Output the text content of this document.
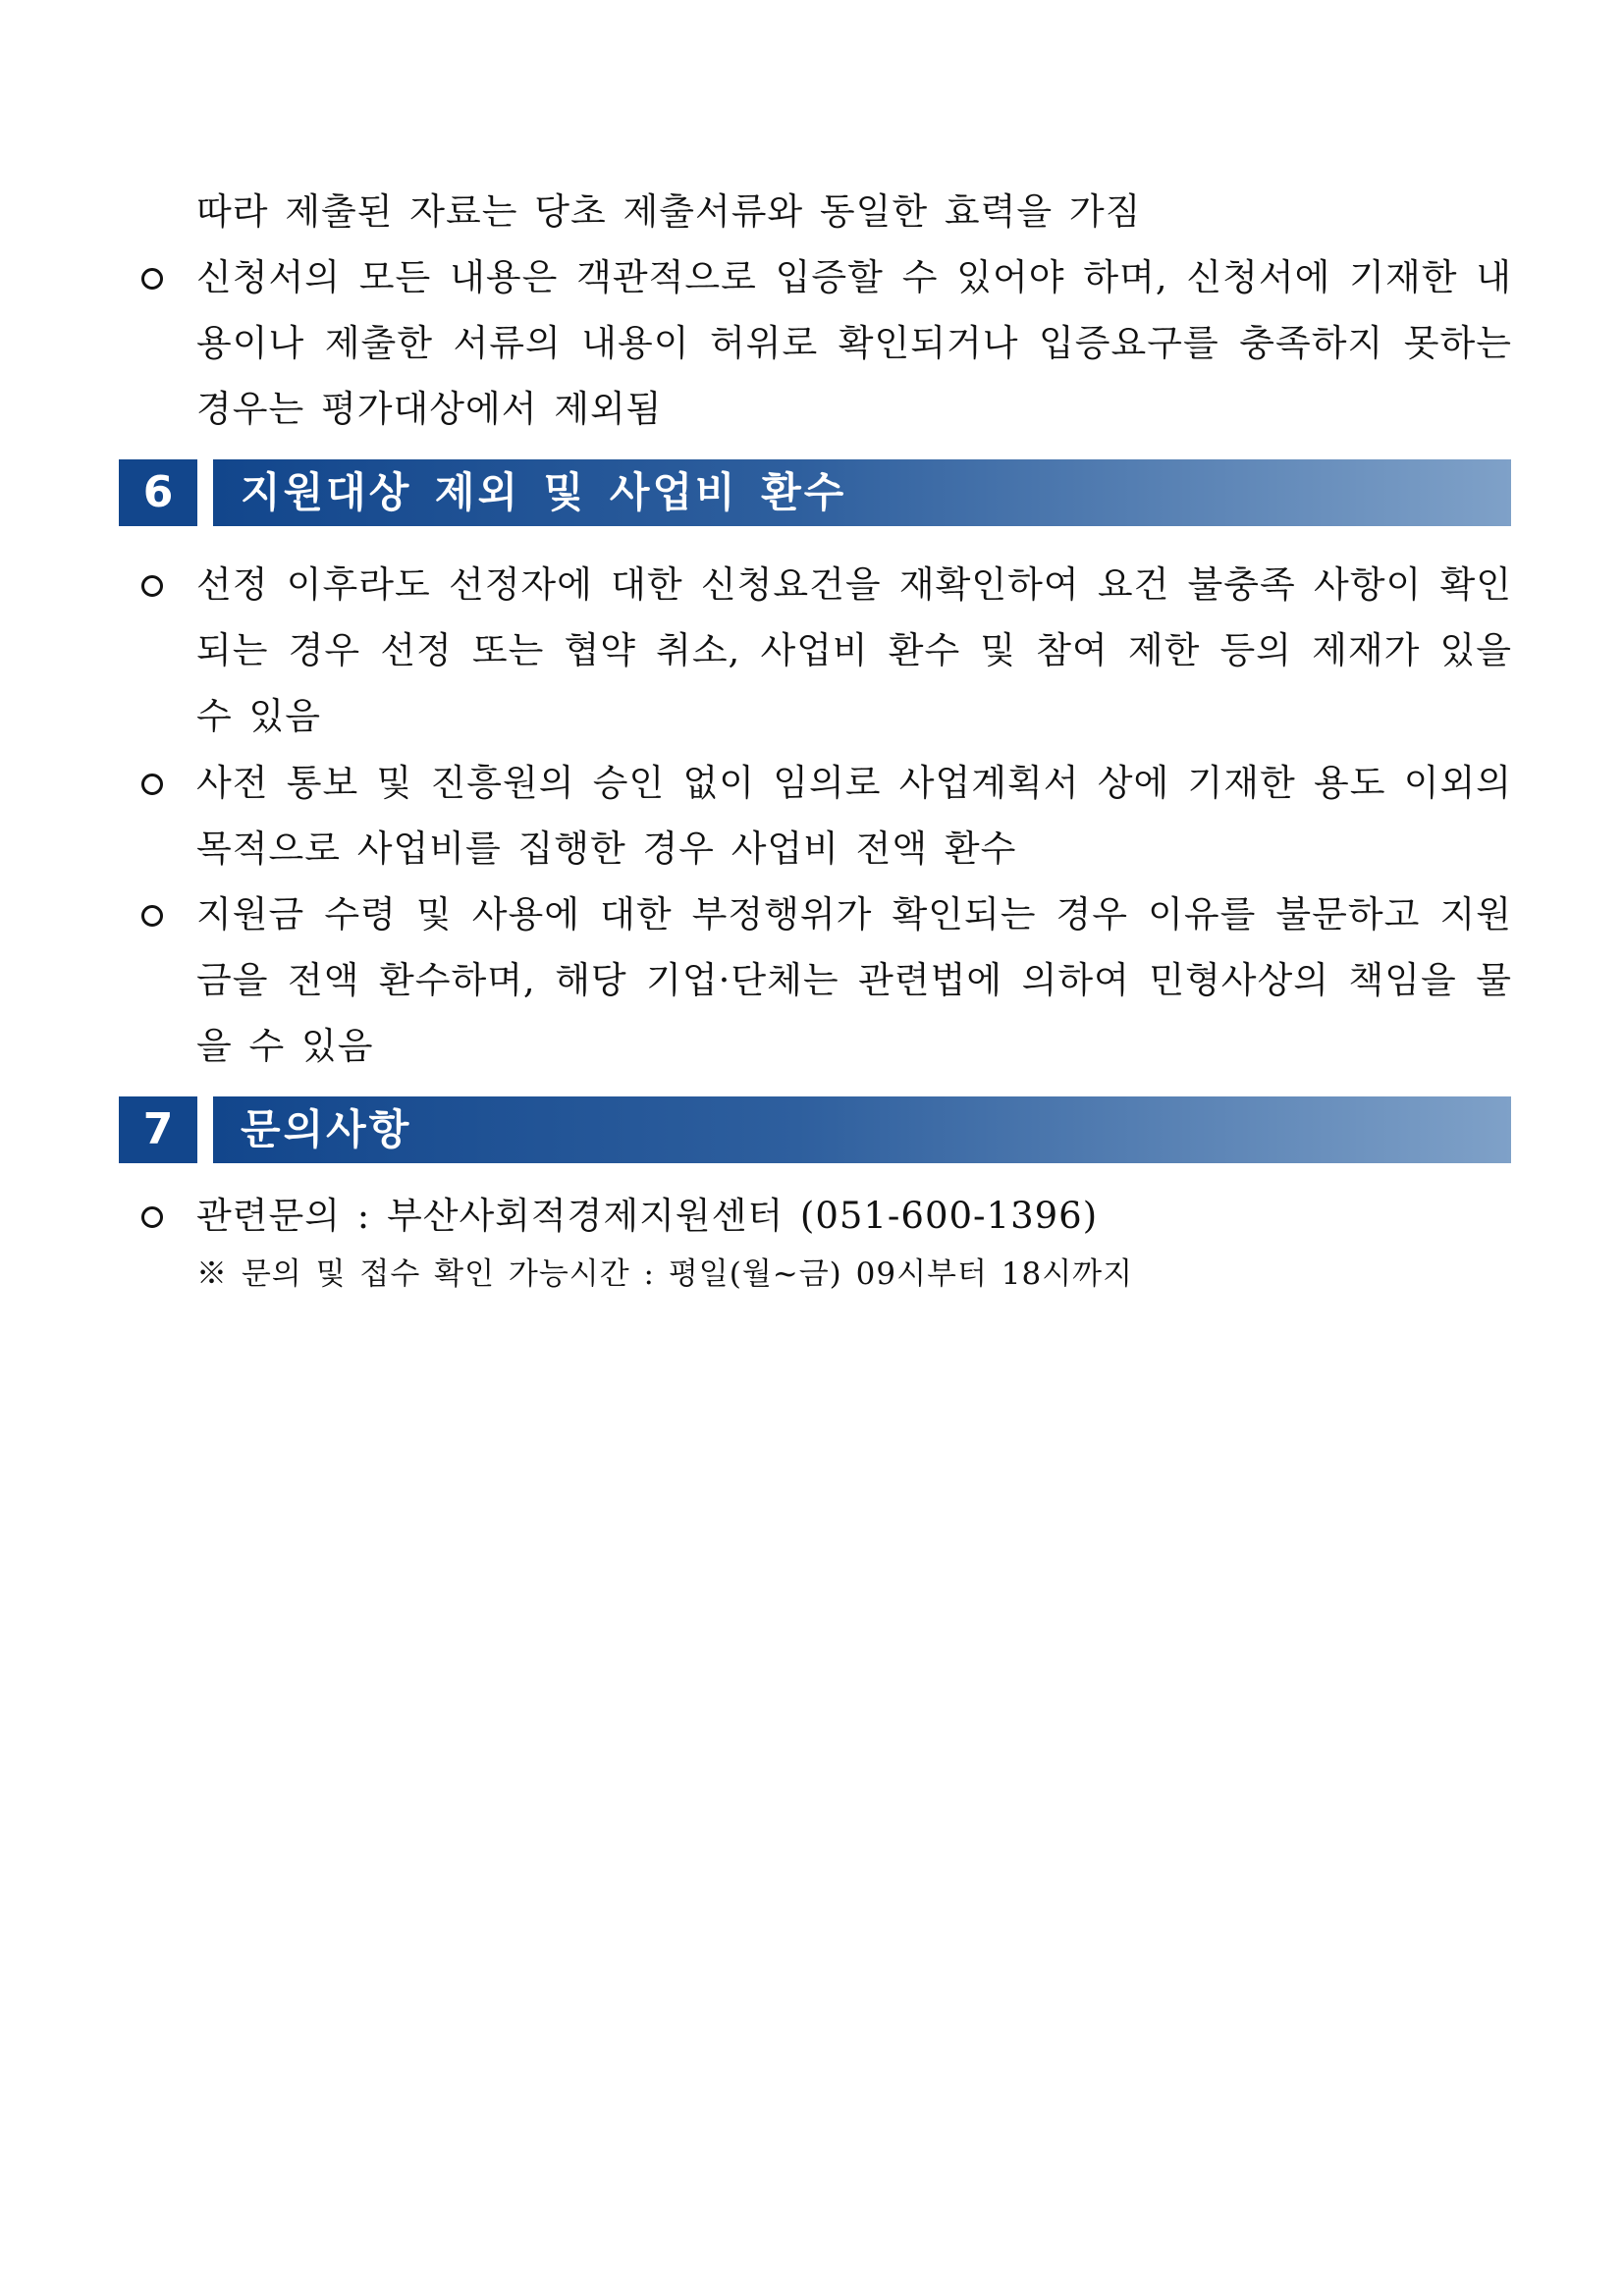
따라 제출된 자료는 당초 제출서류와 동일한 효력을 가짐
신청서의 모든 내용은 객관적으로 입증할 수 있어야 하며, 신청서에 기재한 내용이나 제출한 서류의 내용이 허위로 확인되거나 입증요구를 충족하지 못하는 경우는 평가대상에서 제외됨
6	지원대상 제외 및 사업비 환수
선정 이후라도 선정자에 대한 신청요건을 재확인하여 요건 불충족 사항이 확인되는 경우 선정 또는 협약 취소, 사업비 환수 및 참여 제한 등의 제재가 있을 수 있음
사전 통보 및 진흥원의 승인 없이 임의로 사업계획서 상에 기재한 용도 이외의 목적으로 사업비를 집행한 경우 사업비 전액 환수
지원금 수령 및 사용에 대한 부정행위가 확인되는 경우 이유를 불문하고 지원금을 전액 환수하며, 해당 기업·단체는 관련법에 의하여 민형사상의 책임을 물을 수 있음
7	문의사항
관련문의 : 부산사회적경제지원센터 (051-600-1396)
※ 문의 및 접수 확인 가능시간 : 평일(월~금) 09시부터 18시까지
